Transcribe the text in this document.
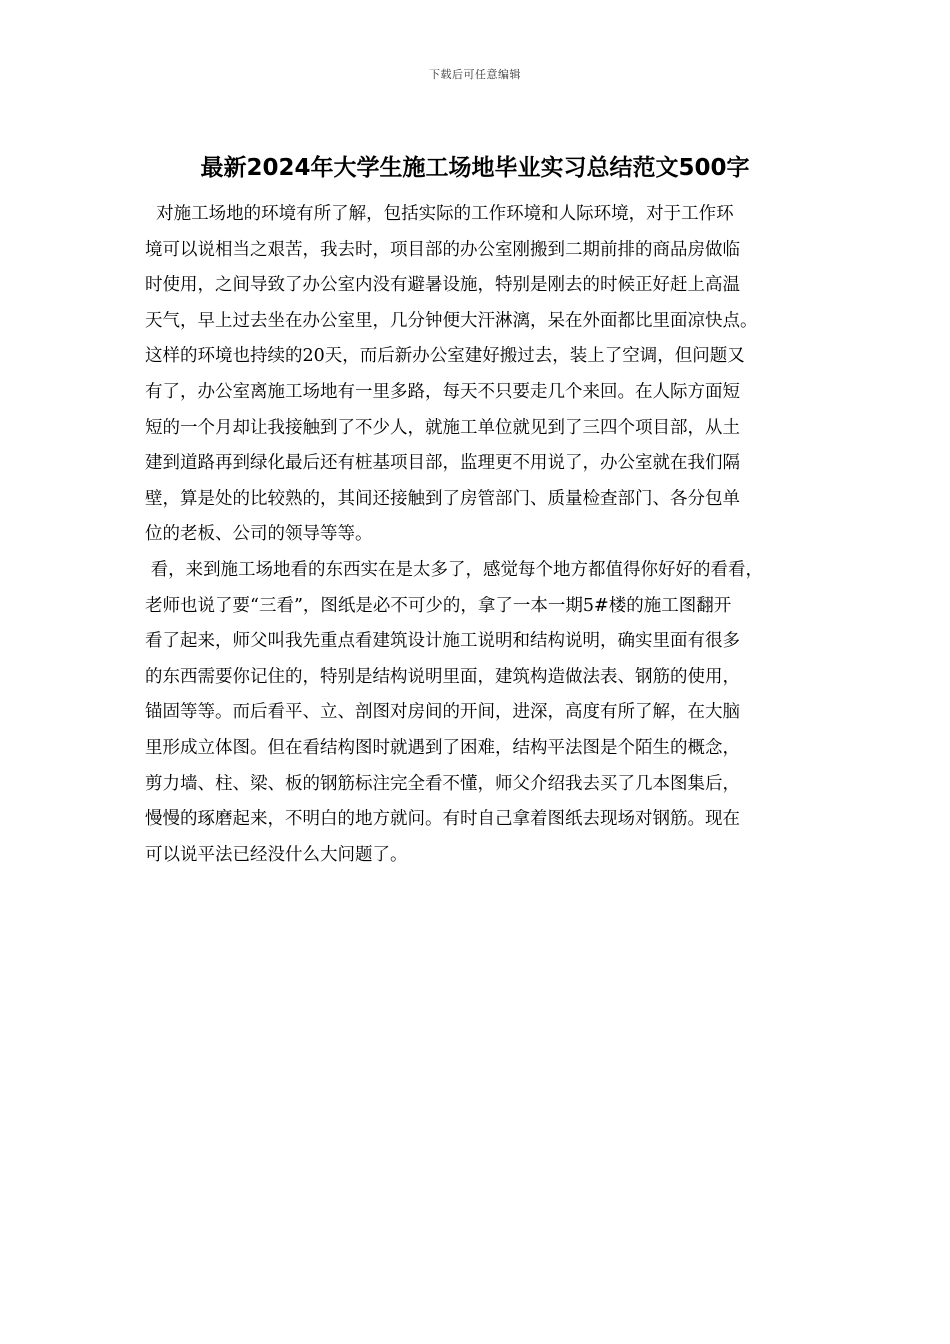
下载后可任意编辑
最新2024年大学生施工场地毕业实习总结范文500字
对施工场地的环境有所了解，包括实际的工作环境和人际环境，对于工作环
境可以说相当之艰苦，我去时，项目部的办公室刚搬到二期前排的商品房做临
时使用，之间导致了办公室内没有避暑设施，特别是刚去的时候正好赶上高温
天气，早上过去坐在办公室里，几分钟便大汗淋漓，呆在外面都比里面凉快点。
这样的环境也持续的20天，而后新办公室建好搬过去，装上了空调，但问题又
有了，办公室离施工场地有一里多路，每天不只要走几个来回。在人际方面短
短的一个月却让我接触到了不少人，就施工单位就见到了三四个项目部，从土
建到道路再到绿化最后还有桩基项目部，监理更不用说了，办公室就在我们隔
壁，算是处的比较熟的，其间还接触到了房管部门、质量检查部门、各分包单
位的老板、公司的领导等等。
看，来到施工场地看的东西实在是太多了，感觉每个地方都值得你好好的看看，
老师也说了要“三看”，图纸是必不可少的，拿了一本一期5#楼的施工图翻开
看了起来，师父叫我先重点看建筑设计施工说明和结构说明，确实里面有很多
的东西需要你记住的，特别是结构说明里面，建筑构造做法表、钢筋的使用，
锚固等等。而后看平、立、剖图对房间的开间，进深，高度有所了解，在大脑
里形成立体图。但在看结构图时就遇到了困难，结构平法图是个陌生的概念，
剪力墙、柱、梁、板的钢筋标注完全看不懂，师父介绍我去买了几本图集后，
慢慢的琢磨起来，不明白的地方就问。有时自己拿着图纸去现场对钢筋。现在
可以说平法已经没什么大问题了。
